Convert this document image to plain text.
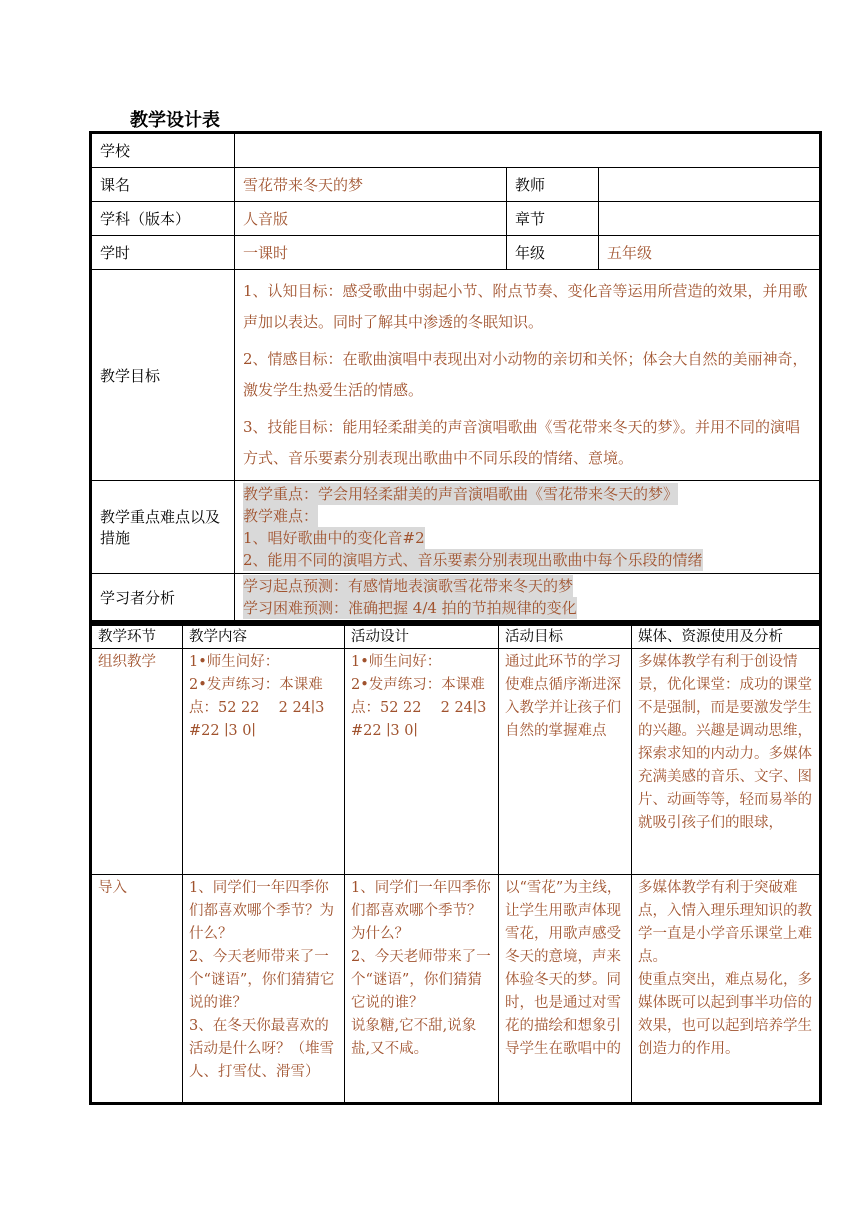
教学设计表
学校			
课名	雪花带来冬天的梦	教师	
学科（版本）	人音版	章节	
学时	一课时	年级	五年级
教学目标	1、认知目标：感受歌曲中弱起小节、附点节奏、变化音等运用所营造的效果，并用歌声加以表达。同时了解其中渗透的冬眠知识。

2、情感目标：在歌曲演唱中表现出对小动物的亲切和关怀；体会大自然的美丽神奇，激发学生热爱生活的情感。

3、技能目标：能用轻柔甜美的声音演唱歌曲《雪花带来冬天的梦》。并用不同的演唱方式、音乐要素分别表现出歌曲中不同乐段的情绪、意境。		

教学重点难点以及措施	教学重点：学会用轻柔甜美的声音演唱歌曲《雪花带来冬天的梦》
教学难点：
1、唱好歌曲中的变化音#2
2、能用不同的演唱方式、音乐要素分别表现出歌曲中每个乐段的情绪		
学习者分析	学习起点预测：有感情地表演歌雪花带来冬天的梦
学习困难预测：准确把握 4/4 拍的节拍规律的变化		
教学环节	教学内容	活动设计	活动目标	媒体、资源使用及分析
组织教学	1•师生问好：
2•发声练习：本课难点：52 22　 2 24∣3 #22 ∣3 0∣	1•师生问好：
2•发声练习：本课难点：52 22　 2 24∣3 #22 ∣3 0∣	通过此环节的学习使难点循序渐进深入教学并让孩子们自然的掌握难点	多媒体教学有利于创设情景，优化课堂：成功的课堂不是强制，而是要激发学生的兴趣。兴趣是调动思维，探索求知的内动力。多媒体充满美感的音乐、文字、图片、动画等等，轻而易举的就吸引孩子们的眼球，
导入	1、同学们一年四季你们都喜欢哪个季节？为什么？
2、今天老师带来了一个“谜语”，你们猜猜它说的谁？
3、在冬天你最喜欢的活动是什么呀？（堆雪人、打雪仗、滑雪）	1、同学们一年四季你们都喜欢哪个季节？为什么？
2、今天老师带来了一个“谜语”，你们猜猜它说的谁？
说象糖,它不甜,说象盐,又不咸。	以“雪花”为主线，让学生用歌声体现雪花，用歌声感受冬天的意境，声来体验冬天的梦。同时，也是通过对雪花的描绘和想象引导学生在歌唱中的	多媒体教学有利于突破难点，入情入理乐理知识的教学一直是小学音乐课堂上难点。
使重点突出，难点易化，多媒体既可以起到事半功倍的效果，也可以起到培养学生创造力的作用。
